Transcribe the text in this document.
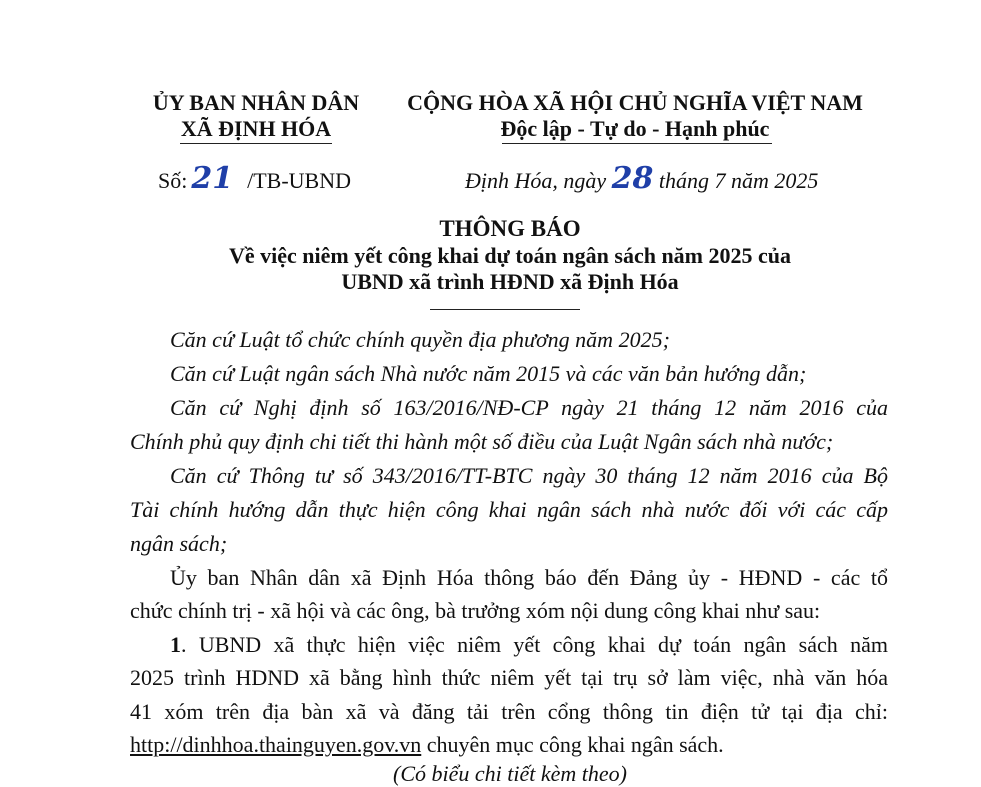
ỦY BAN NHÂN DÂN
XÃ ĐỊNH HÓA
CỘNG HÒA XÃ HỘI CHỦ NGHĨA VIỆT NAM
Độc lập - Tự do - Hạnh phúc
Số: 21 /TB-UBND	Định Hóa, ngày 28 tháng 7 năm 2025
THÔNG BÁO
Về việc niêm yết công khai dự toán ngân sách năm 2025 của
UBND xã trình HĐND xã Định Hóa
Căn cứ Luật tổ chức chính quyền địa phương năm 2025;
Căn cứ Luật ngân sách Nhà nước năm 2015 và các văn bản hướng dẫn;
Căn cứ Nghị định số 163/2016/NĐ-CP ngày 21 tháng 12 năm 2016 của
Chính phủ quy định chi tiết thi hành một số điều của Luật Ngân sách nhà nước;
Căn cứ Thông tư số 343/2016/TT-BTC ngày 30 tháng 12 năm 2016 của Bộ
Tài chính hướng dẫn thực hiện công khai ngân sách nhà nước đối với các cấp
ngân sách;
Ủy ban Nhân dân xã Định Hóa thông báo đến Đảng ủy - HĐND - các tổ
chức chính trị - xã hội và các ông, bà trưởng xóm nội dung công khai như sau:
1. UBND xã thực hiện việc niêm yết công khai dự toán ngân sách năm
2025 trình HDND xã bằng hình thức niêm yết tại trụ sở làm việc, nhà văn hóa
41 xóm trên địa bàn xã và đăng tải trên cổng thông tin điện tử tại địa chỉ:
http://dinhhoa.thainguyen.gov.vn chuyên mục công khai ngân sách.
(Có biểu chi tiết kèm theo)
